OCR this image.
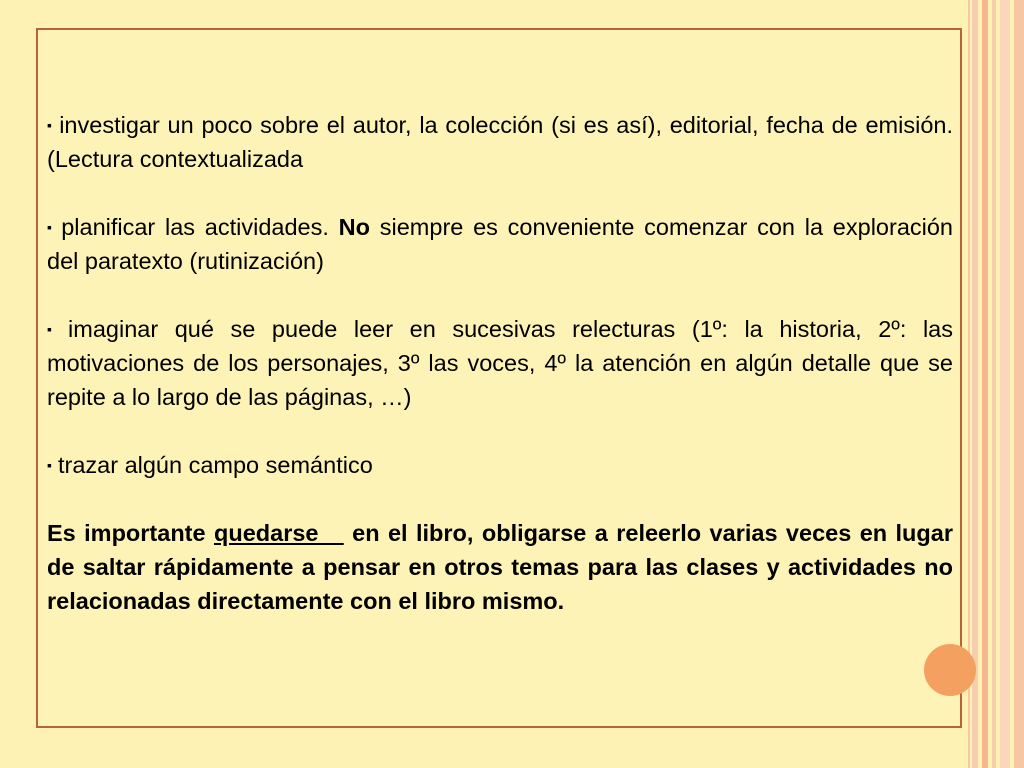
▪ investigar un poco sobre el autor, la colección (si es así), editorial, fecha de emisión. (Lectura contextualizada

▪ planificar las actividades. No siempre es conveniente comenzar con la exploración del paratexto (rutinización)

▪ imaginar qué se puede leer en sucesivas relecturas (1º: la historia, 2º: las motivaciones de los personajes, 3º las voces, 4º la atención en algún detalle que se repite a lo largo de las páginas, …)

▪ trazar algún campo semántico

Es importante quedarse    en el libro, obligarse a releerlo varias veces en lugar de saltar rápidamente a pensar en otros temas para las clases y actividades no relacionadas directamente con el libro mismo.
